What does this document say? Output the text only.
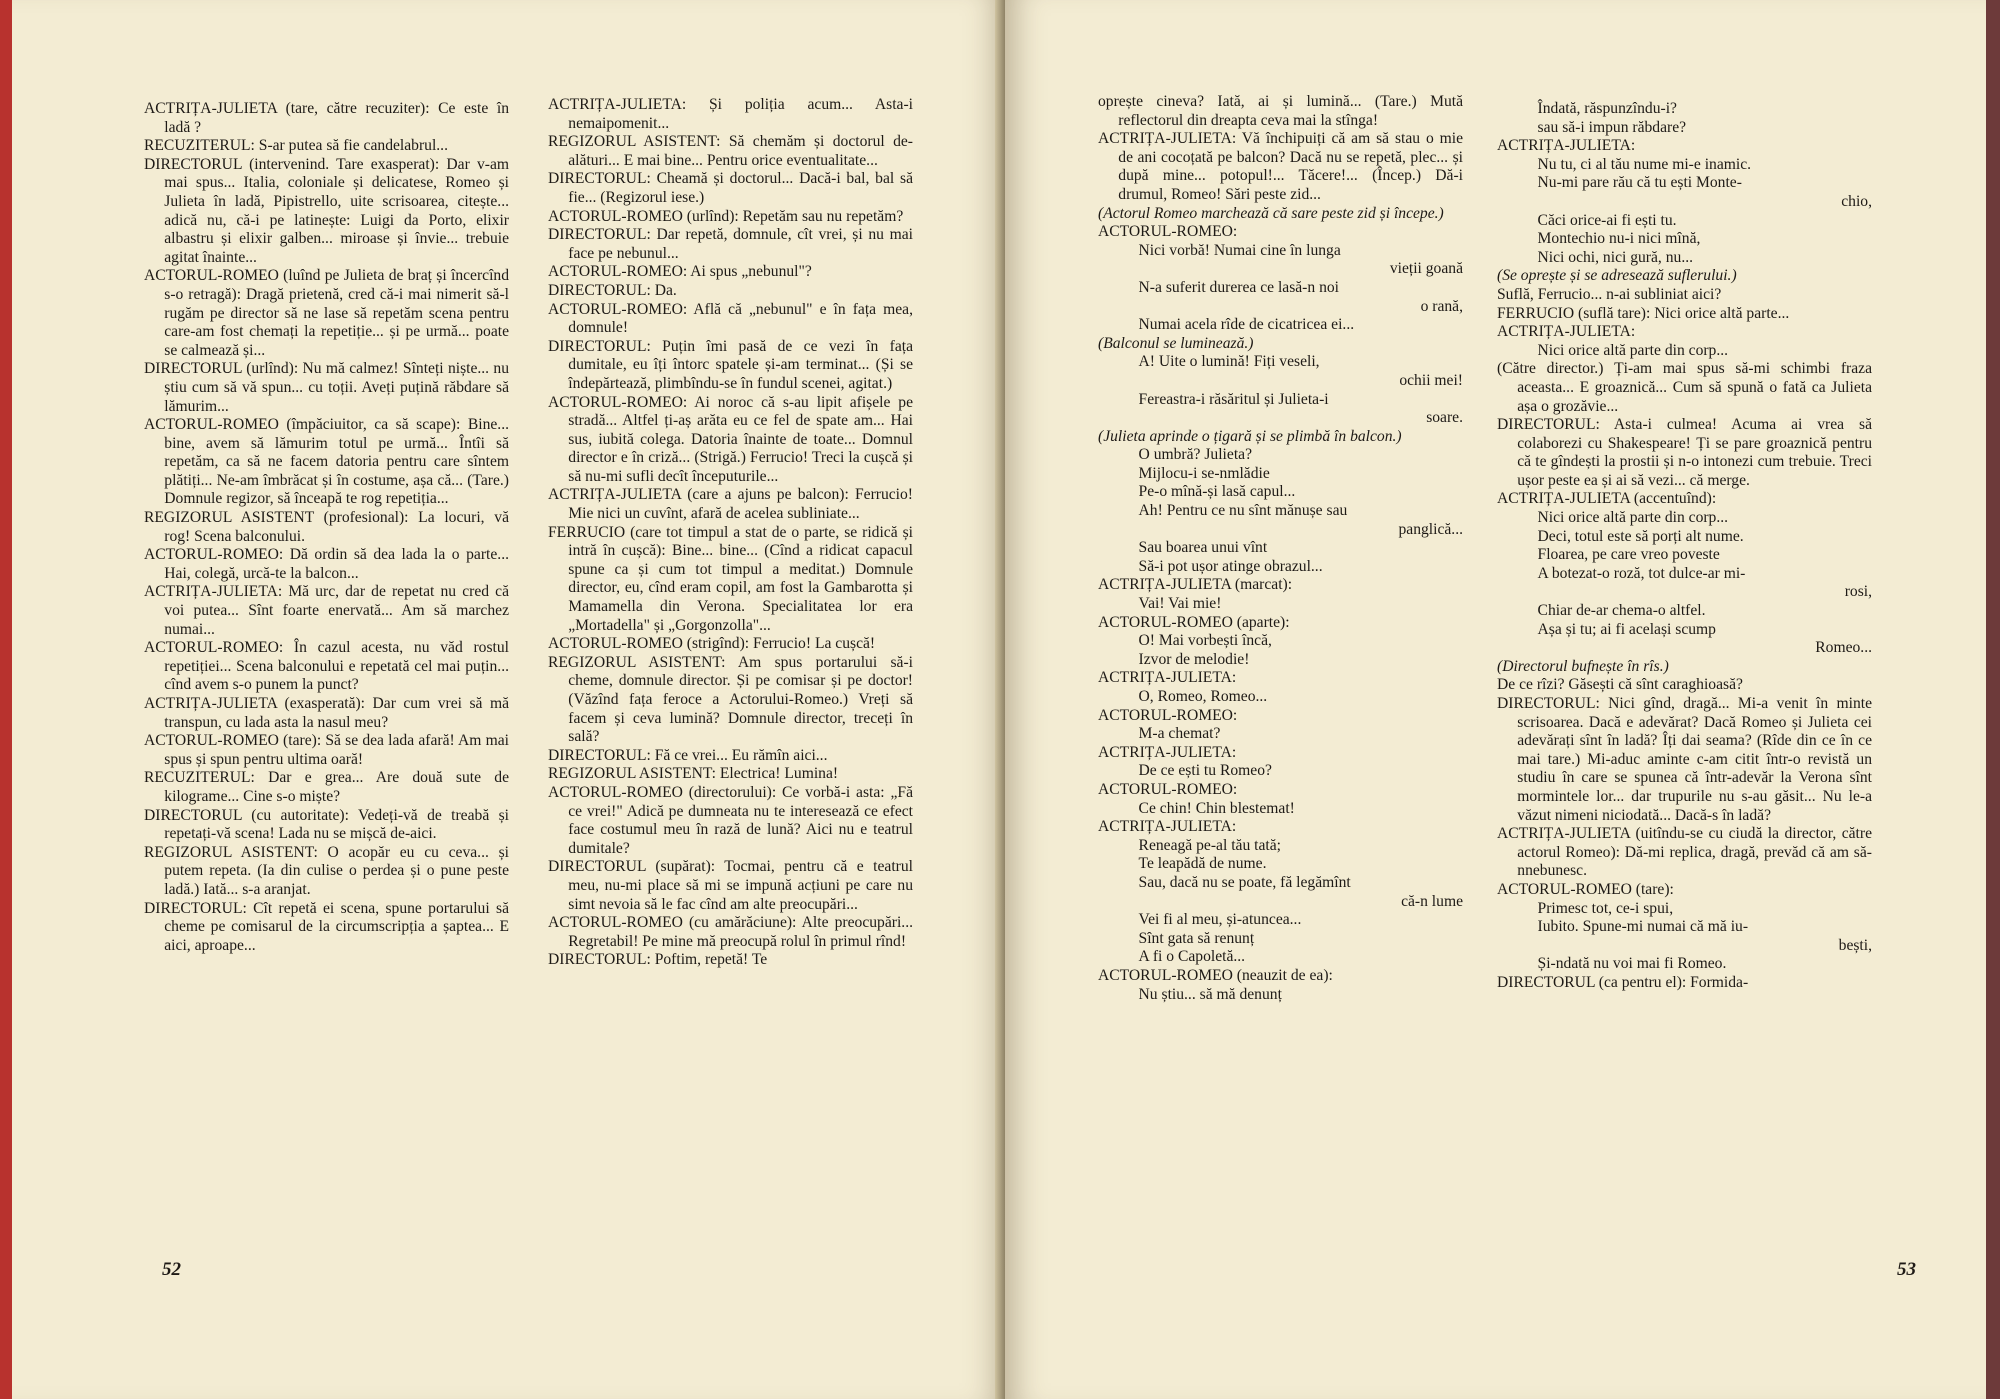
ACTRIȚA-JULIETA (tare, către recuziter): Ce este în ladă ?

RECUZITERUL: S-ar putea să fie candelabrul...

DIRECTORUL (intervenind. Tare exasperat): Dar v-am mai spus... Italia, coloniale și delicatese, Romeo și Julieta în ladă, Pipistrello, uite scrisoarea, citește... adică nu, că-i pe latinește: Luigi da Porto, elixir albastru și elixir galben... miroase și învie... trebuie agitat înainte...

ACTORUL-ROMEO (luînd pe Julieta de braț și încercînd s-o retragă): Dragă prietenă, cred că-i mai nimerit să-l rugăm pe director să ne lase să repetăm scena pentru care-am fost chemați la repetiție... și pe urmă... poate se calmează și...

DIRECTORUL (urlînd): Nu mă calmez! Sînteți niște... nu știu cum să vă spun... cu toții. Aveți puțină răbdare să lămurim...

ACTORUL-ROMEO (împăciuitor, ca să scape): Bine... bine, avem să lămurim totul pe urmă... Întîi să repetăm, ca să ne facem datoria pentru care sîntem plătiți... Ne-am îmbrăcat și în costume, așa că... (Tare.) Domnule regizor, să înceapă te rog repetiția...

REGIZORUL ASISTENT (profesional): La locuri, vă rog! Scena balconului.

ACTORUL-ROMEO: Dă ordin să dea lada la o parte... Hai, colegă, urcă-te la balcon...

ACTRIȚA-JULIETA: Mă urc, dar de repetat nu cred că voi putea... Sînt foarte enervată... Am să marchez numai...

ACTORUL-ROMEO: În cazul acesta, nu văd rostul repetiției... Scena balconului e repetată cel mai puțin... cînd avem s-o punem la punct?

ACTRIȚA-JULIETA (exasperată): Dar cum vrei să mă transpun, cu lada asta la nasul meu?

ACTORUL-ROMEO (tare): Să se dea lada afară! Am mai spus și spun pentru ultima oară!

RECUZITERUL: Dar e grea... Are două sute de kilograme... Cine s-o miște?

DIRECTORUL (cu autoritate): Vedeți-vă de treabă și repetați-vă scena! Lada nu se mișcă de-aici.

REGIZORUL ASISTENT: O acopăr eu cu ceva... și putem repeta. (Ia din culise o perdea și o pune peste ladă.) Iată... s-a aranjat.

DIRECTORUL: Cît repetă ei scena, spune portarului să cheme pe comisarul de la circumscripția a șaptea... E aici, aproape...

ACTRIȚA-JULIETA: Și poliția acum... Asta-i nemaipomenit...

REGIZORUL ASISTENT: Să chemăm și doctorul de-alături... E mai bine... Pentru orice eventualitate...

DIRECTORUL: Cheamă și doctorul... Dacă-i bal, bal să fie... (Regizorul iese.)

ACTORUL-ROMEO (urlînd): Repetăm sau nu repetăm?

DIRECTORUL: Dar repetă, domnule, cît vrei, și nu mai face pe nebunul...

ACTORUL-ROMEO: Ai spus „nebunul"?

DIRECTORUL: Da.

ACTORUL-ROMEO: Află că „nebunul" e în fața mea, domnule!

DIRECTORUL: Puțin îmi pasă de ce vezi în fața dumitale, eu îți întorc spatele și-am terminat... (Și se îndepărtează, plimbîndu-se în fundul scenei, agitat.)

ACTORUL-ROMEO: Ai noroc că s-au lipit afișele pe stradă... Altfel ți-aș arăta eu ce fel de spate am... Hai sus, iubită colega. Datoria înainte de toate... Domnul director e în criză... (Strigă.) Ferrucio! Treci la cușcă și să nu-mi sufli decît începuturile...

ACTRIȚA-JULIETA (care a ajuns pe balcon): Ferrucio! Mie nici un cuvînt, afară de acelea subliniate...

FERRUCIO (care tot timpul a stat de o parte, se ridică și intră în cușcă): Bine... bine... (Cînd a ridicat capacul spune ca și cum tot timpul a meditat.) Domnule director, eu, cînd eram copil, am fost la Gambarotta și Mamamella din Verona. Specialitatea lor era „Mortadella" și „Gorgonzolla"...

ACTORUL-ROMEO (strigînd): Ferrucio! La cușcă!

REGIZORUL ASISTENT: Am spus portarului să-i cheme, domnule director. Și pe comisar și pe doctor! (Văzînd fața feroce a Actorului-Romeo.) Vreți să facem și ceva lumină? Domnule director, treceți în sală?

DIRECTORUL: Fă ce vrei... Eu rămîn aici...

REGIZORUL ASISTENT: Electrica! Lumina!

ACTORUL-ROMEO (directorului): Ce vorbă-i asta: „Fă ce vrei!" Adică pe dumneata nu te interesează ce efect face costumul meu în rază de lună? Aici nu e teatrul dumitale?

DIRECTORUL (supărat): Tocmai, pentru că e teatrul meu, nu-mi place să mi se impună acțiuni pe care nu simt nevoia să le fac cînd am alte preocupări...

ACTORUL-ROMEO (cu amărăciune): Alte preocupări... Regretabil! Pe mine mă preocupă rolul în primul rînd!

DIRECTORUL: Poftim, repetă! Te

52

oprește cineva? Iată, ai și lumină... (Tare.) Mută reflectorul din dreapta ceva mai la stînga!

ACTRIȚA-JULIETA: Vă închipuiți că am să stau o mie de ani cocoțată pe balcon? Dacă nu se repetă, plec... și după mine... potopul!... Tăcere!... (Încep.) Dă-i drumul, Romeo! Sări peste zid...

(Actorul Romeo marchează că sare peste zid și începe.)

ACTORUL-ROMEO:

Nici vorbă! Numai cine în lunga
vieții goană
N-a suferit durerea ce lasă-n noi
o rană,
Numai acela rîde de cicatricea ei...

(Balconul se luminează.)

A! Uite o lumină! Fiți veseli,
ochii mei!
Fereastra-i răsăritul și Julieta-i
soare.

(Julieta aprinde o țigară și se plimbă în balcon.)

O umbră? Julieta?
Mijlocu-i se-nmlădie
Pe-o mînă-și lasă capul...
Ah! Pentru ce nu sînt mănușe sau
panglică...
Sau boarea unui vînt
Să-i pot ușor atinge obrazul...

ACTRIȚA-JULIETA (marcat):

Vai! Vai mie!

ACTORUL-ROMEO (aparte):

O! Mai vorbești încă,
Izvor de melodie!

ACTRIȚA-JULIETA:

O, Romeo, Romeo...

ACTORUL-ROMEO:

M-a chemat?

ACTRIȚA-JULIETA:

De ce ești tu Romeo?

ACTORUL-ROMEO:

Ce chin! Chin blestemat!

ACTRIȚA-JULIETA:

Reneagă pe-al tău tată;
Te leapădă de nume.
Sau, dacă nu se poate, fă legămînt
că-n lume
Vei fi al meu, și-atuncea...
Sînt gata să renunț
A fi o Capoletă...

ACTORUL-ROMEO (neauzit de ea):

Nu știu... să mă denunț
Îndată, răspunzîndu-i?
sau să-i impun răbdare?

ACTRIȚA-JULIETA:

Nu tu, ci al tău nume mi-e inamic.
Nu-mi pare rău că tu ești Monte-
chio,
Căci orice-ai fi ești tu.
Montechio nu-i nici mînă,
Nici ochi, nici gură, nu...

(Se oprește și se adresează suflerului.)

Suflă, Ferrucio... n-ai subliniat aici?

FERRUCIO (suflă tare): Nici orice altă parte...

ACTRIȚA-JULIETA:

Nici orice altă parte din corp...

(Către director.) Ți-am mai spus să-mi schimbi fraza aceasta... E groaznică... Cum să spună o fată ca Julieta așa o grozăvie...

DIRECTORUL: Asta-i culmea! Acuma ai vrea să colaborezi cu Shakespeare! Ți se pare groaznică pentru că te gîndești la prostii și n-o intonezi cum trebuie. Treci ușor peste ea și ai să vezi... că merge.

ACTRIȚA-JULIETA (accentuînd):

Nici orice altă parte din corp...
Deci, totul este să porți alt nume.
Floarea, pe care vreo poveste
A botezat-o roză, tot dulce-ar mi-
rosi,
Chiar de-ar chema-o altfel.
Așa și tu; ai fi același scump
Romeo...

(Directorul bufnește în rîs.)

De ce rîzi? Găsești că sînt caraghioasă?

DIRECTORUL: Nici gînd, dragă... Mi-a venit în minte scrisoarea. Dacă e adevărat? Dacă Romeo și Julieta cei adevărați sînt în ladă? Îți dai seama? (Rîde din ce în ce mai tare.) Mi-aduc aminte c-am citit într-o revistă un studiu în care se spunea că într-adevăr la Verona sînt mormintele lor... dar trupurile nu s-au găsit... Nu le-a văzut nimeni niciodată... Dacă-s în ladă?

ACTRIȚA-JULIETA (uitîndu-se cu ciudă la director, către actorul Romeo): Dă-mi replica, dragă, prevăd că am să-nnebunesc.

ACTORUL-ROMEO (tare):

Primesc tot, ce-i spui,
Iubito. Spune-mi numai că mă iu-
bești,
Și-ndată nu voi mai fi Romeo.

DIRECTORUL (ca pentru el): Formida-

53
